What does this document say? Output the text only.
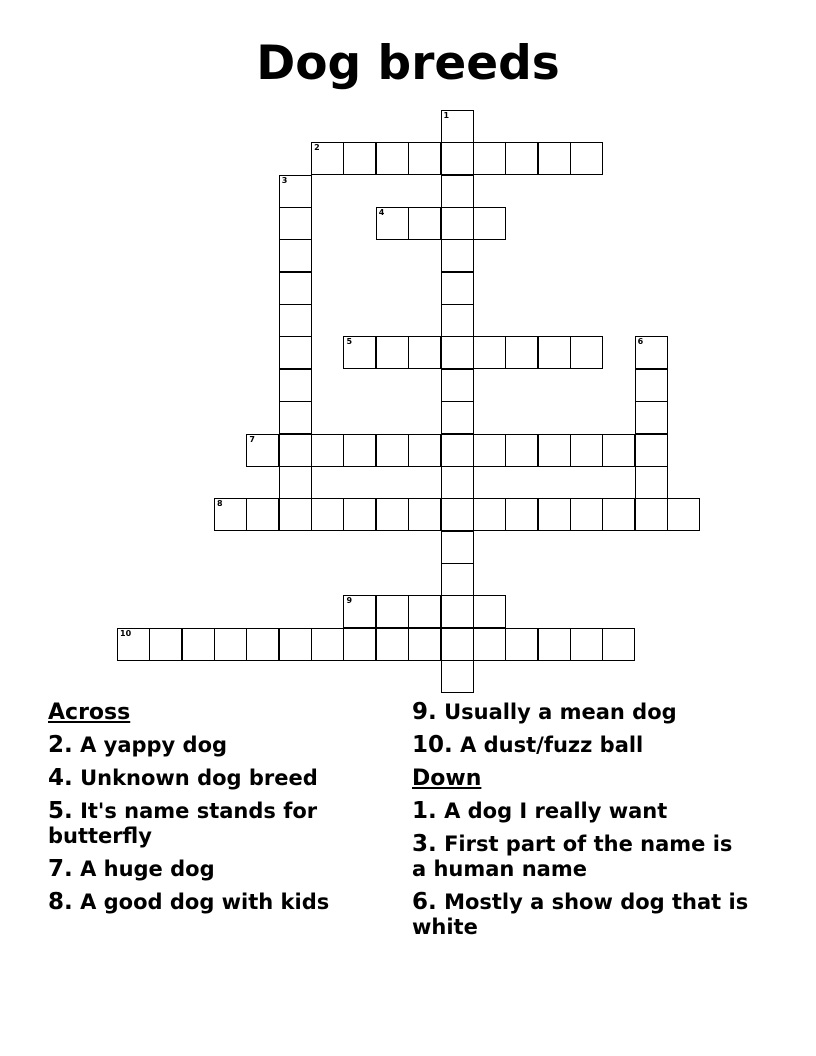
Dog breeds
1
2
3
4
5	6
7
8
9
10
Across
2. A yappy dog
4. Unknown dog breed
5. It's name stands for butterfly
7. A huge dog
8. A good dog with kids
9. Usually a mean dog
10. A dust/fuzz ball
Down
1. A dog I really want
3. First part of the name is a human name
6. Mostly a show dog that is white
